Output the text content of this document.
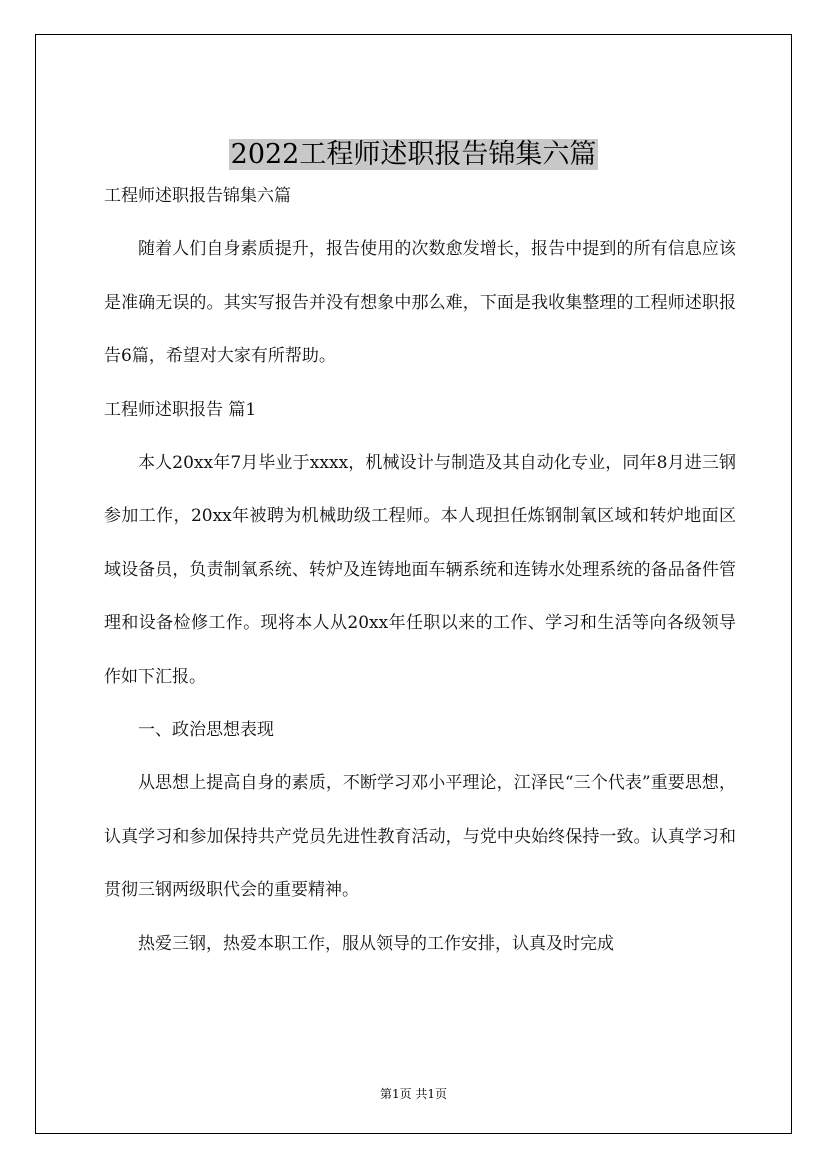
2022工程师述职报告锦集六篇

工程师述职报告锦集六篇

随着人们自身素质提升，报告使用的次数愈发增长，报告中提到的所有信息应该是准确无误的。其实写报告并没有想象中那么难，下面是我收集整理的工程师述职报告6篇，希望对大家有所帮助。

工程师述职报告 篇1

本人20xx年7月毕业于xxxx，机械设计与制造及其自动化专业，同年8月进三钢参加工作，20xx年被聘为机械助级工程师。本人现担任炼钢制氧区域和转炉地面区域设备员，负责制氧系统、转炉及连铸地面车辆系统和连铸水处理系统的备品备件管理和设备检修工作。现将本人从20xx年任职以来的工作、学习和生活等向各级领导作如下汇报。

一、政治思想表现

从思想上提高自身的素质，不断学习邓小平理论，江泽民“三个代表”重要思想，认真学习和参加保持共产党员先进性教育活动，与党中央始终保持一致。认真学习和贯彻三钢两级职代会的重要精神。

热爱三钢，热爱本职工作，服从领导的工作安排，认真及时完成

第1页 共1页
